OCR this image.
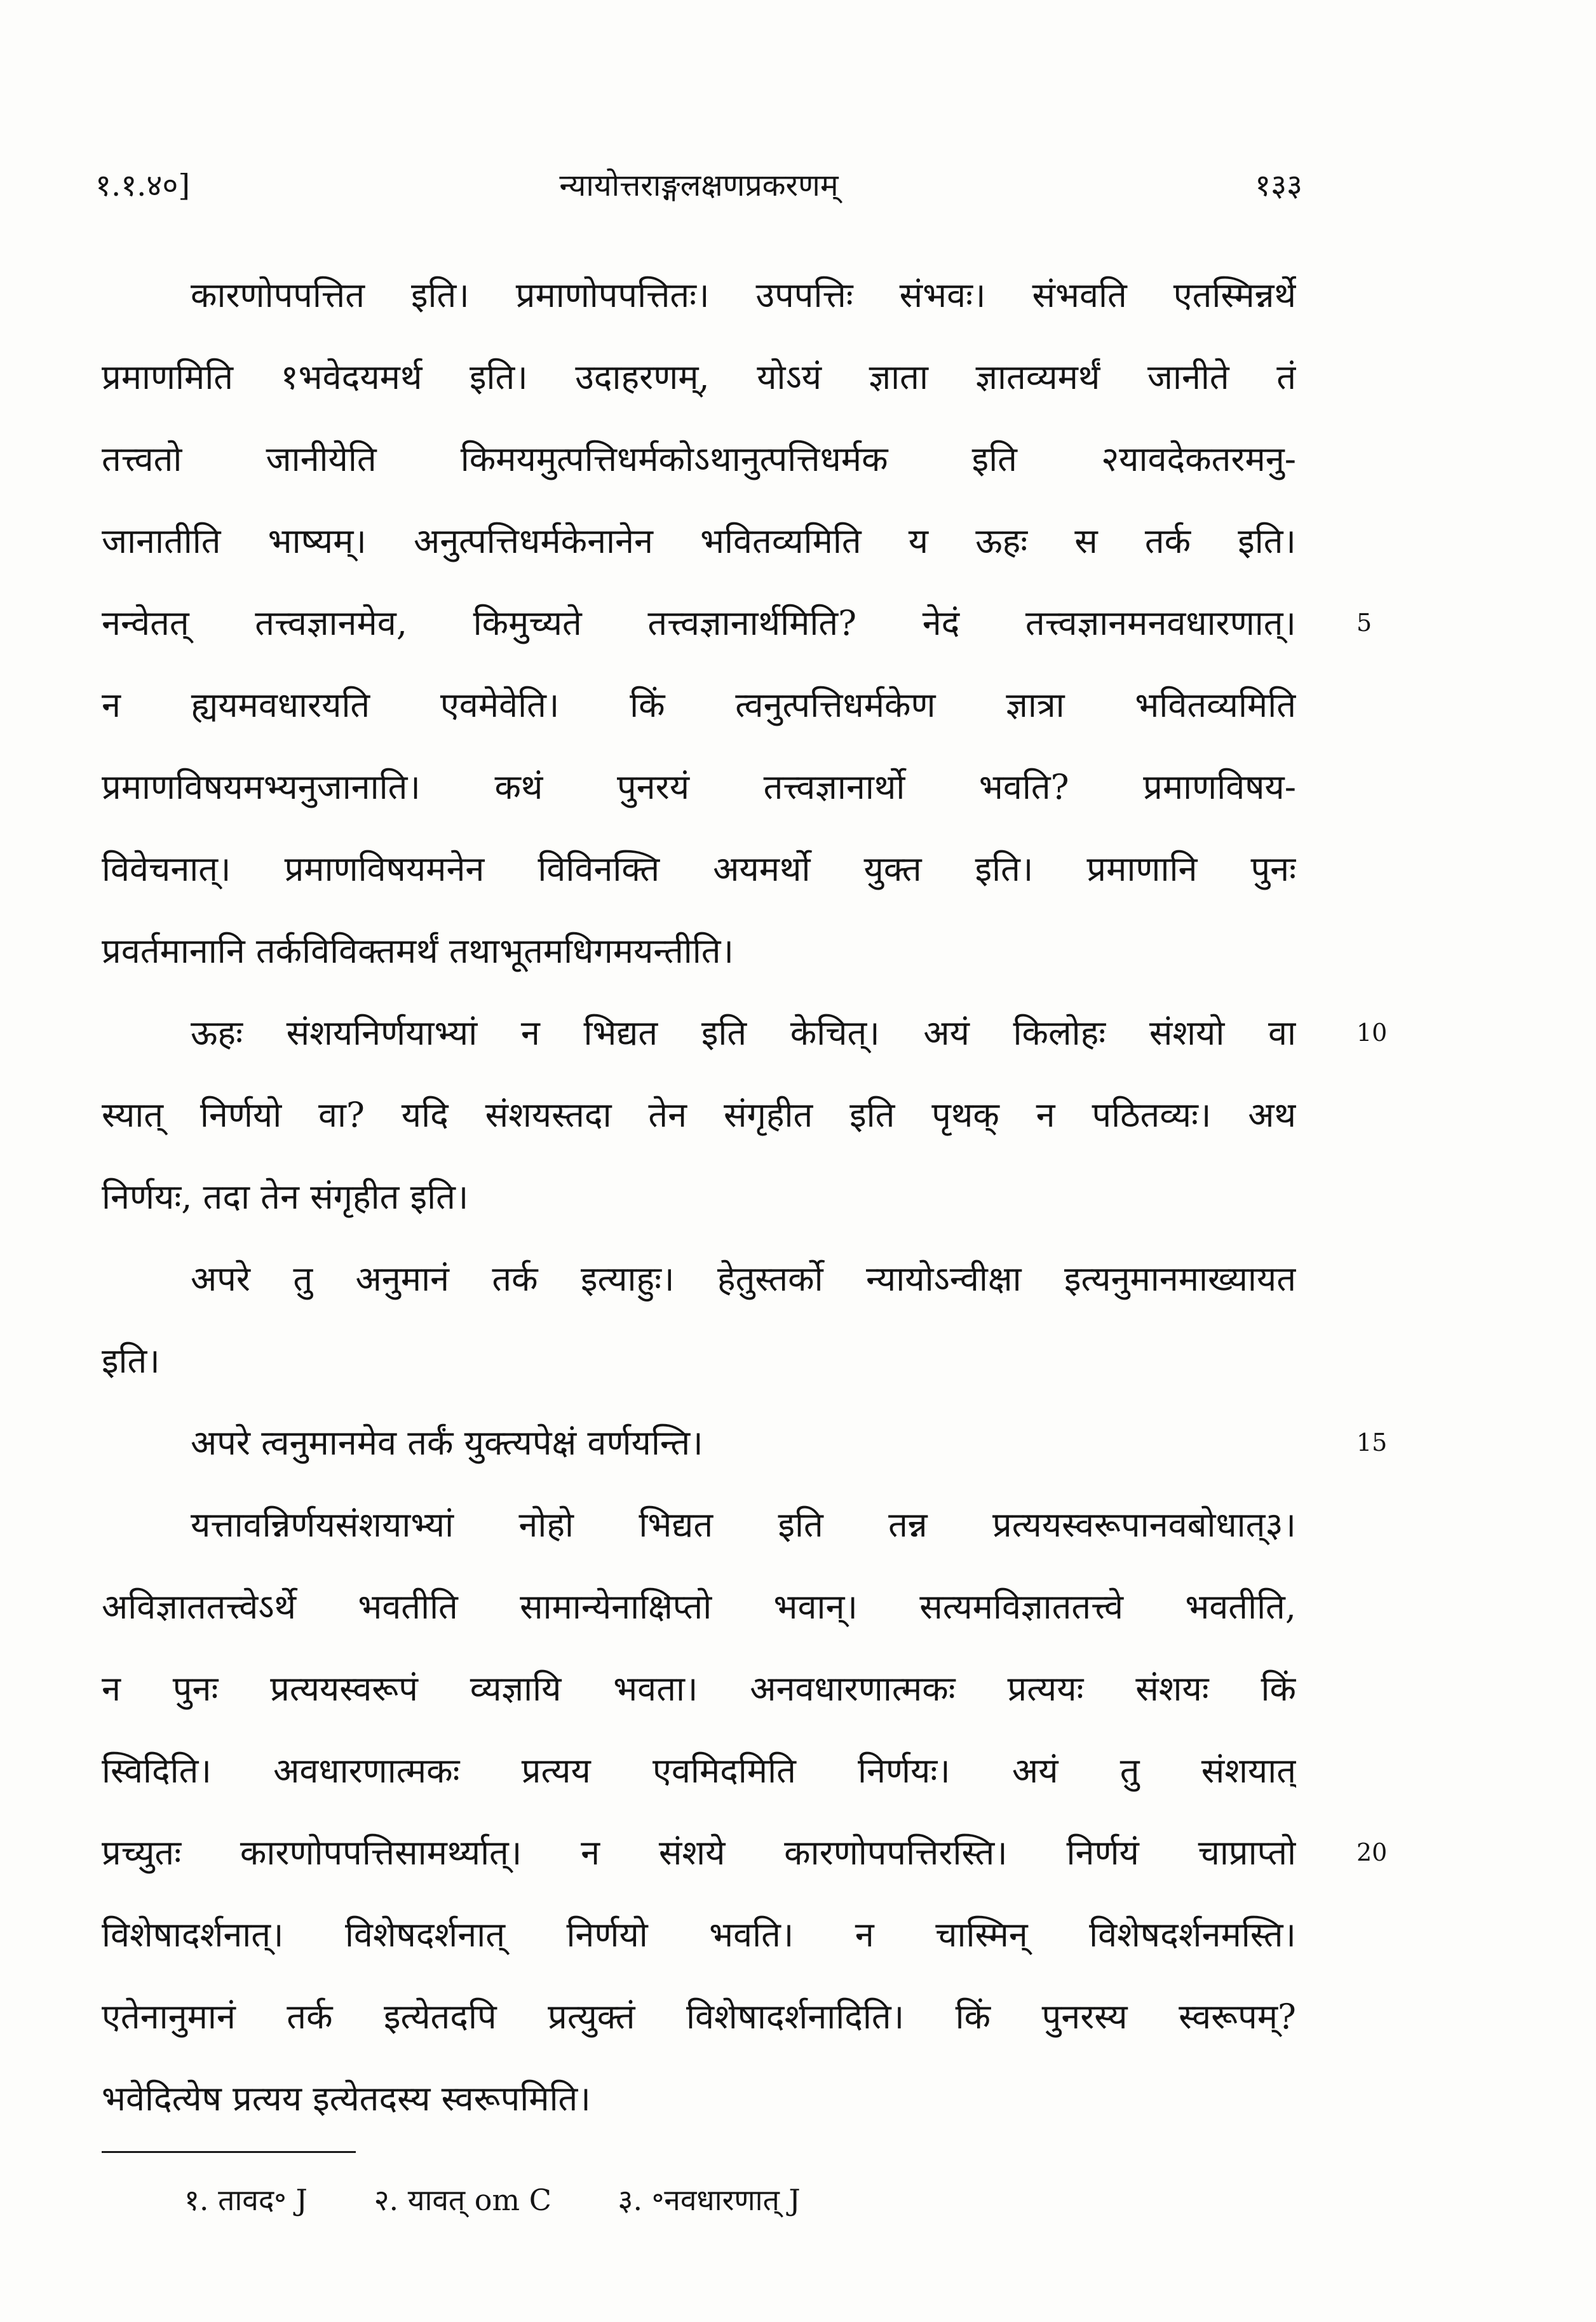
१.१.४०]	न्यायोत्तराङ्गलक्षणप्रकरणम्	१३३
कारणोपपत्तित इति। प्रमाणोपपत्तितः। उपपत्तिः संभवः। संभवति एतस्मिन्नर्थे
प्रमाणमिति १भवेदयमर्थ इति। उदाहरणम्, योऽयं ज्ञाता ज्ञातव्यमर्थं जानीते तं
तत्त्वतो जानीयेति किमयमुत्पत्तिधर्मकोऽथानुत्पत्तिधर्मक इति २यावदेकतरमनु-
जानातीति भाष्यम्। अनुत्पत्तिधर्मकेनानेन भवितव्यमिति य ऊहः स तर्क इति।
नन्वेतत् तत्त्वज्ञानमेव, किमुच्यते तत्त्वज्ञानार्थमिति? नेदं तत्त्वज्ञानमनवधारणात्।
न ह्ययमवधारयति एवमेवेति। किं त्वनुत्पत्तिधर्मकेण ज्ञात्रा भवितव्यमिति
प्रमाणविषयमभ्यनुजानाति। कथं पुनरयं तत्त्वज्ञानार्थो भवति? प्रमाणविषय-
विवेचनात्। प्रमाणविषयमनेन विविनक्ति अयमर्थो युक्त इति। प्रमाणानि पुनः
प्रवर्तमानानि तर्कविविक्तमर्थं तथाभूतमधिगमयन्तीति।
ऊहः संशयनिर्णयाभ्यां न भिद्यत इति केचित्। अयं किलोहः संशयो वा
स्यात् निर्णयो वा? यदि संशयस्तदा तेन संगृहीत इति पृथक् न पठितव्यः। अथ
निर्णयः, तदा तेन संगृहीत इति।
अपरे तु अनुमानं तर्क इत्याहुः। हेतुस्तर्को न्यायोऽन्वीक्षा इत्यनुमानमाख्यायत
इति।
अपरे त्वनुमानमेव तर्कं युक्त्यपेक्षं वर्णयन्ति।
यत्तावन्निर्णयसंशयाभ्यां नोहो भिद्यत इति तन्न प्रत्ययस्वरूपानवबोधात्३।
अविज्ञाततत्त्वेऽर्थे भवतीति सामान्येनाक्षिप्तो भवान्। सत्यमविज्ञाततत्त्वे भवतीति,
न पुनः प्रत्ययस्वरूपं व्यज्ञायि भवता। अनवधारणात्मकः प्रत्ययः संशयः किं
स्विदिति। अवधारणात्मकः प्रत्यय एवमिदमिति निर्णयः। अयं तु संशयात्
प्रच्युतः कारणोपपत्तिसामर्थ्यात्। न संशये कारणोपपत्तिरस्ति। निर्णयं चाप्राप्तो
विशेषादर्शनात्। विशेषदर्शनात् निर्णयो भवति। न चास्मिन् विशेषदर्शनमस्ति।
एतेनानुमानं तर्क इत्येतदपि प्रत्युक्तं विशेषादर्शनादिति। किं पुनरस्य स्वरूपम्?
भवेदित्येष प्रत्यय इत्येतदस्य स्वरूपमिति।
5
10
15
20
१. तावद॰ J २. यावत् om C ३. ॰नवधारणात् J
